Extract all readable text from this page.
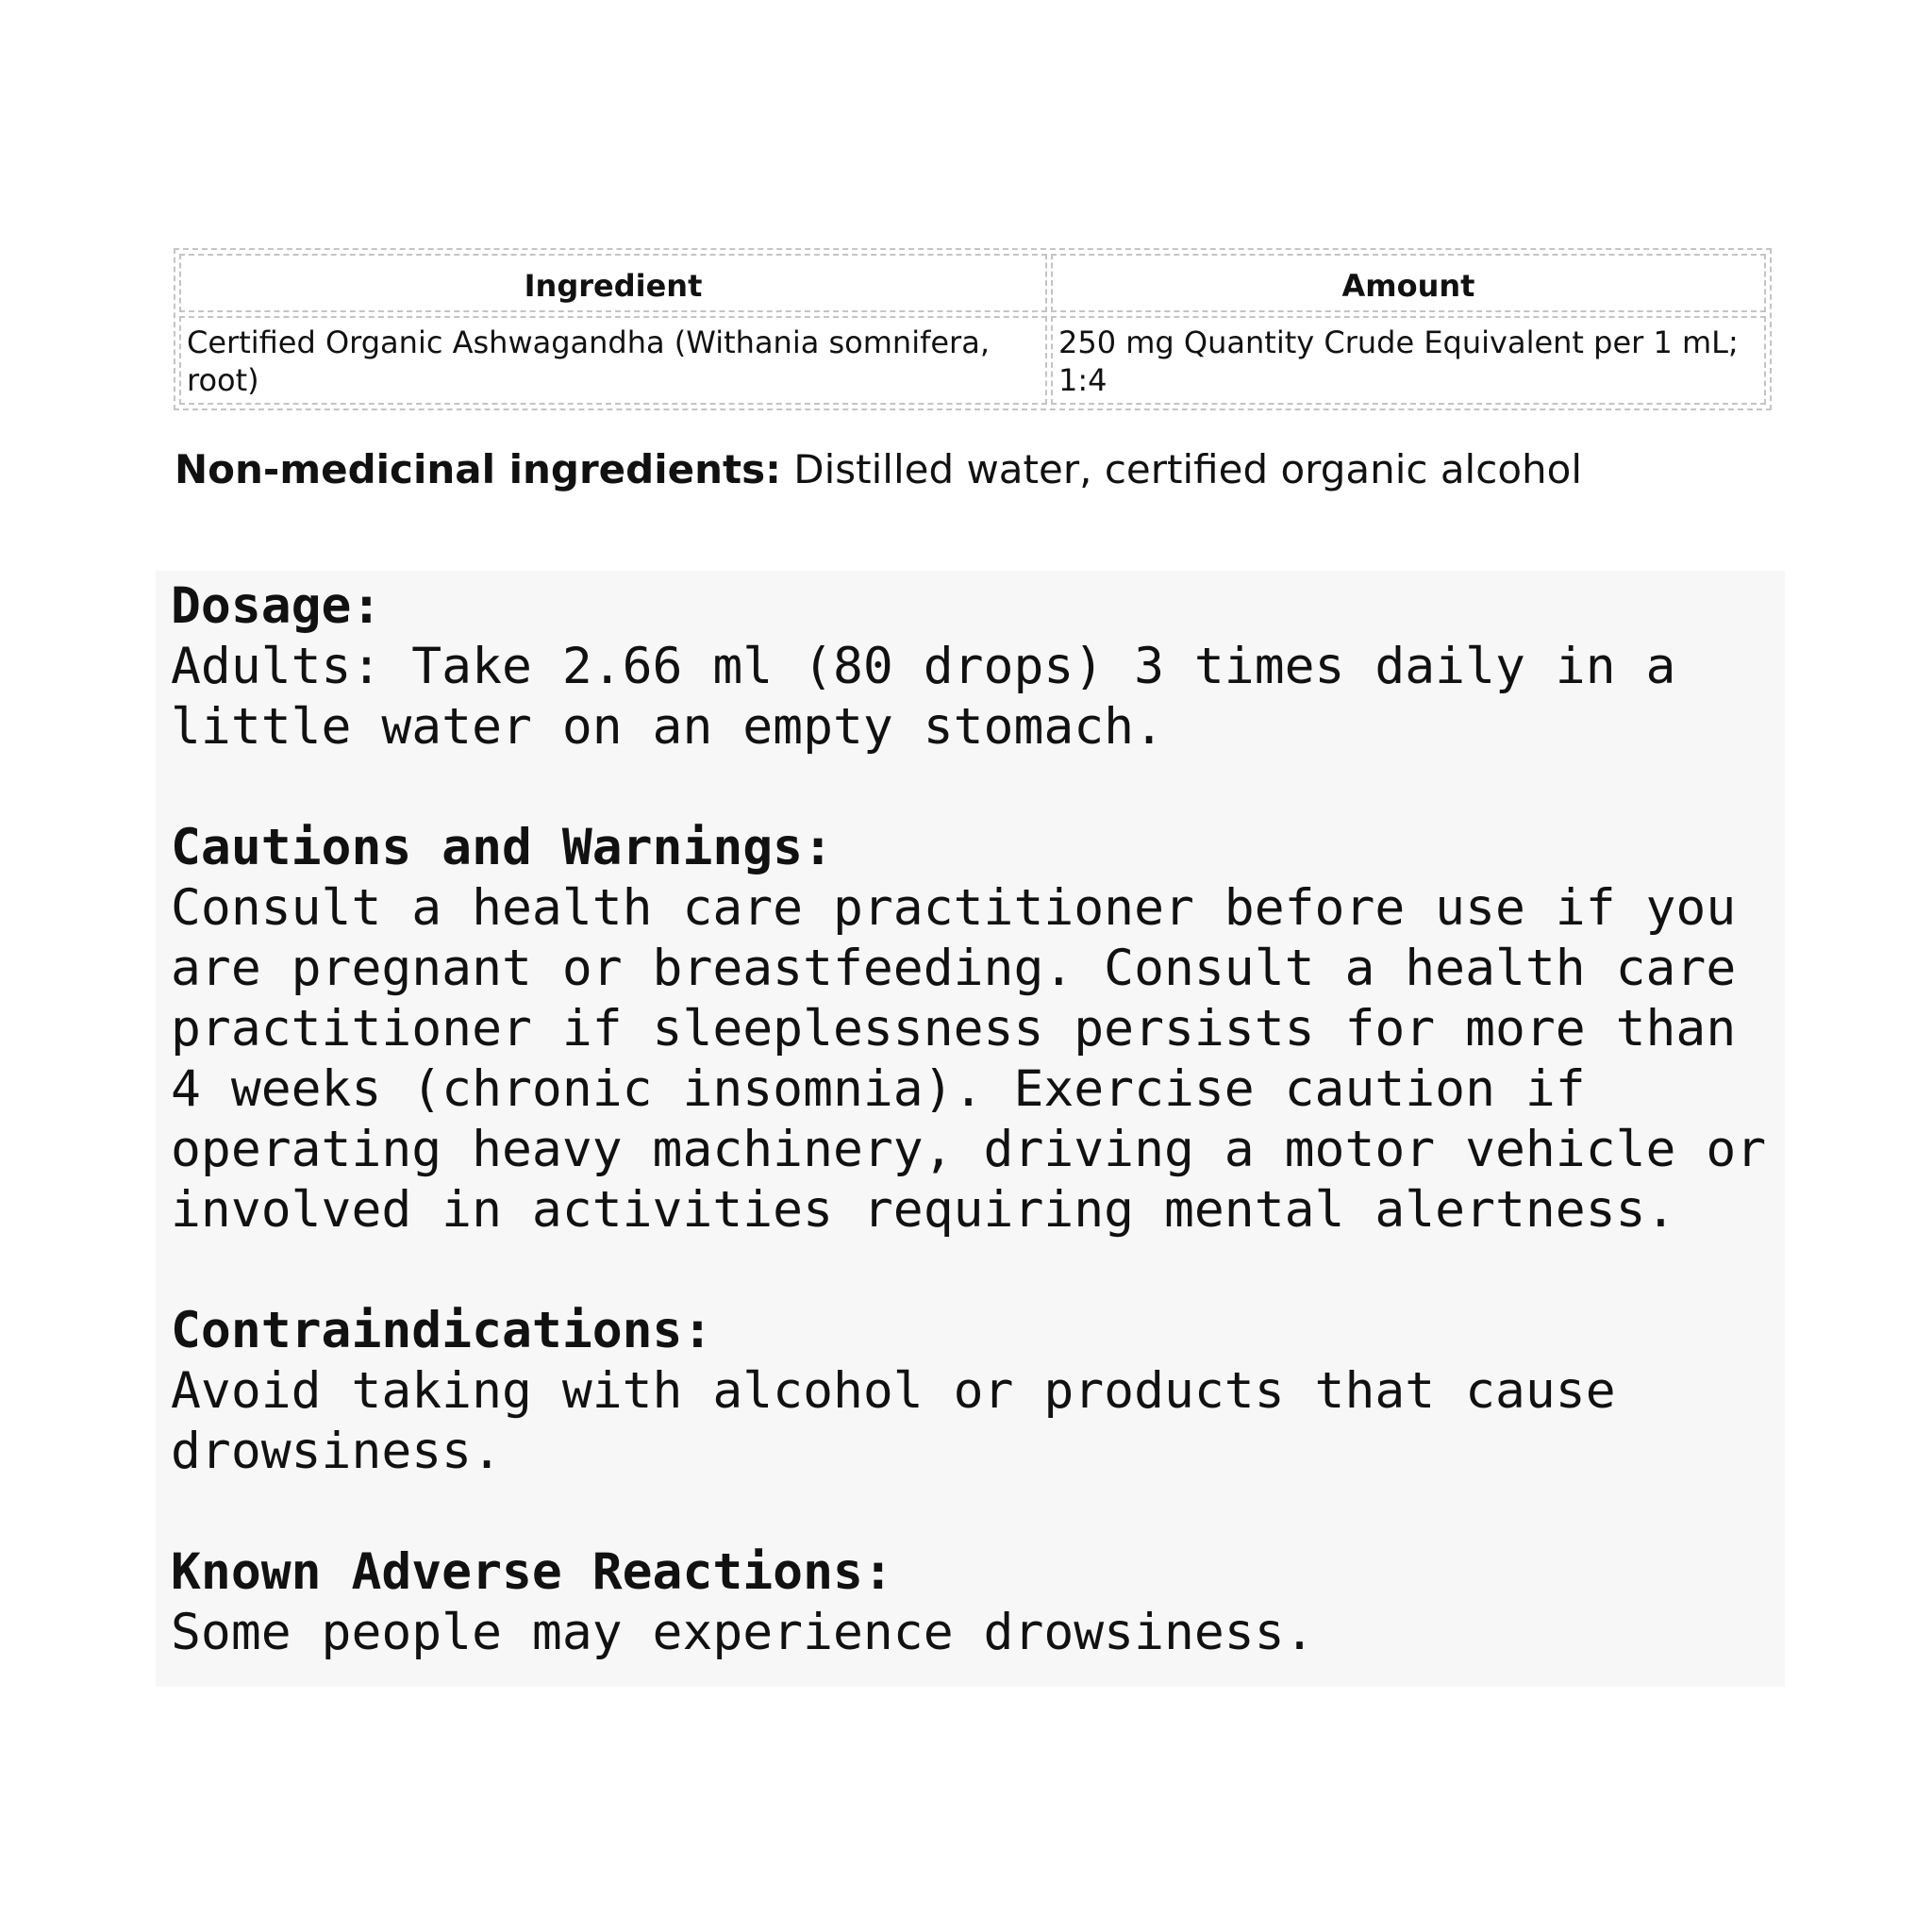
Ingredient	Amount
Certified Organic Ashwagandha (Withania somnifera, root)	250 mg Quantity Crude Equivalent per 1 mL; 1:4

Non-medicinal ingredients: Distilled water, certified organic alcohol

Dosage:
Adults: Take 2.66 ml (80 drops) 3 times daily in a
little water on an empty stomach.

Cautions and Warnings:
Consult a health care practitioner before use if you
are pregnant or breastfeeding. Consult a health care
practitioner if sleeplessness persists for more than
4 weeks (chronic insomnia). Exercise caution if
operating heavy machinery, driving a motor vehicle or
involved in activities requiring mental alertness.

Contraindications:
Avoid taking with alcohol or products that cause
drowsiness.

Known Adverse Reactions:
Some people may experience drowsiness.
